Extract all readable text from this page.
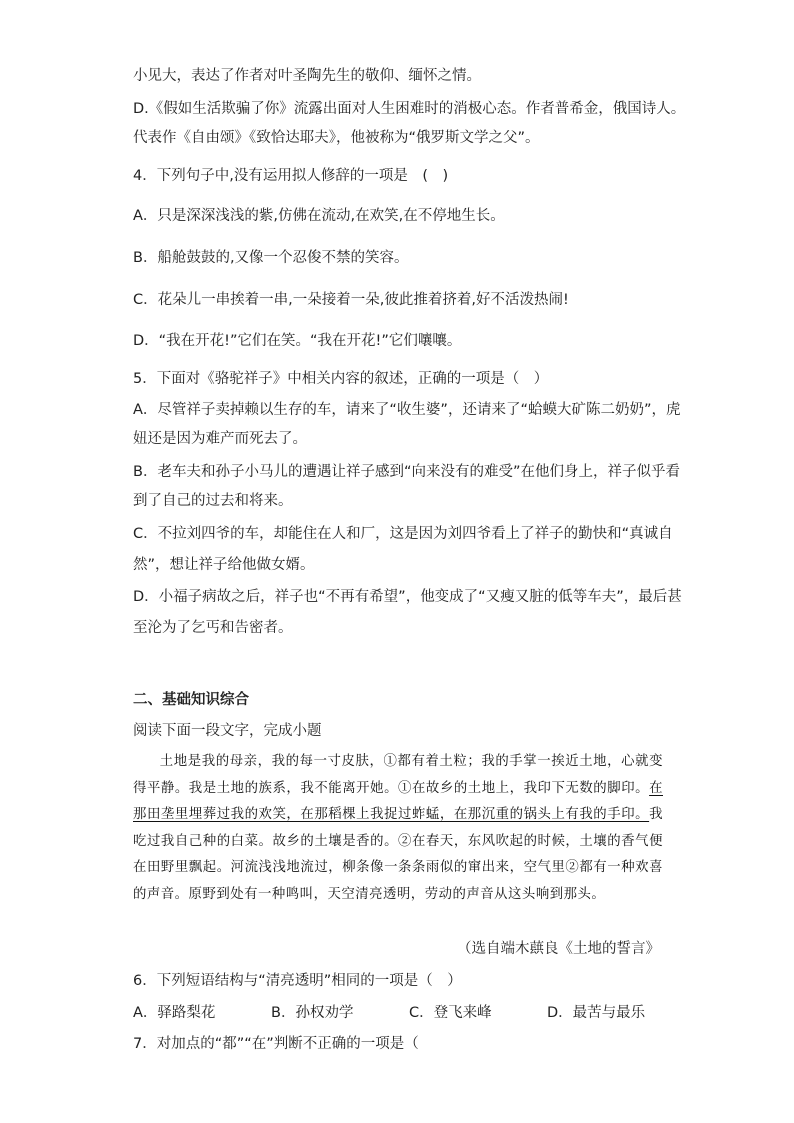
小见大，表达了作者对叶圣陶先生的敬仰、缅怀之情。
D.《假如生活欺骗了你》流露出面对人生困难时的消极心态。作者普希金，俄国诗人。
代表作《自由颂》《致恰达耶夫》，他被称为“俄罗斯文学之父”。
4．下列句子中,没有运用拟人修辞的一项是　(　)
A．只是深深浅浅的紫,仿佛在流动,在欢笑,在不停地生长。
B．船舱鼓鼓的,又像一个忍俊不禁的笑容。
C．花朵儿一串挨着一串,一朵接着一朵,彼此推着挤着,好不活泼热闹!
D．“我在开花!”它们在笑。“我在开花!”它们嚷嚷。
5．下面对《骆驼祥子》中相关内容的叙述，正确的一项是（　）
A．尽管祥子卖掉赖以生存的车，请来了“收生婆”，还请来了“蛤蟆大矿陈二奶奶”，虎
妞还是因为难产而死去了。
B．老车夫和孙子小马儿的遭遇让祥子感到“向来没有的难受”在他们身上，祥子似乎看
到了自己的过去和将来。
C．不拉刘四爷的车，却能住在人和厂，这是因为刘四爷看上了祥子的勤快和“真诚自
然”，想让祥子给他做女婿。
D．小福子病故之后，祥子也“不再有希望”，他变成了“又瘦又脏的低等车夫”，最后甚
至沦为了乞丐和告密者。
二、基础知识综合
阅读下面一段文字，完成小题
土地是我的母亲，我的每一寸皮肤，①都有着土粒；我的手掌一挨近土地，心就变得平静。我是土地的族系，我不能离开她。①在故乡的土地上，我印下无数的脚印。在那田垄里埋葬过我的欢笑，在那稻棵上我捉过蚱蜢，在那沉重的锅头上有我的手印。我吃过我自己种的白菜。故乡的土壤是香的。②在春天，东风吹起的时候，土壤的香气便在田野里飘起。河流浅浅地流过，柳条像一条条雨似的窜出来，空气里②都有一种欢喜的声音。原野到处有一种鸣叫，天空清亮透明，劳动的声音从这头响到那头。
（选自端木蕻良《土地的誓言》
6．下列短语结构与“清亮透明”相同的一项是（　）
A．驿路梨花	B．孙权劝学	C．登飞来峰	D．最苦与最乐
7．对加点的“都”“在”判断不正确的一项是（
